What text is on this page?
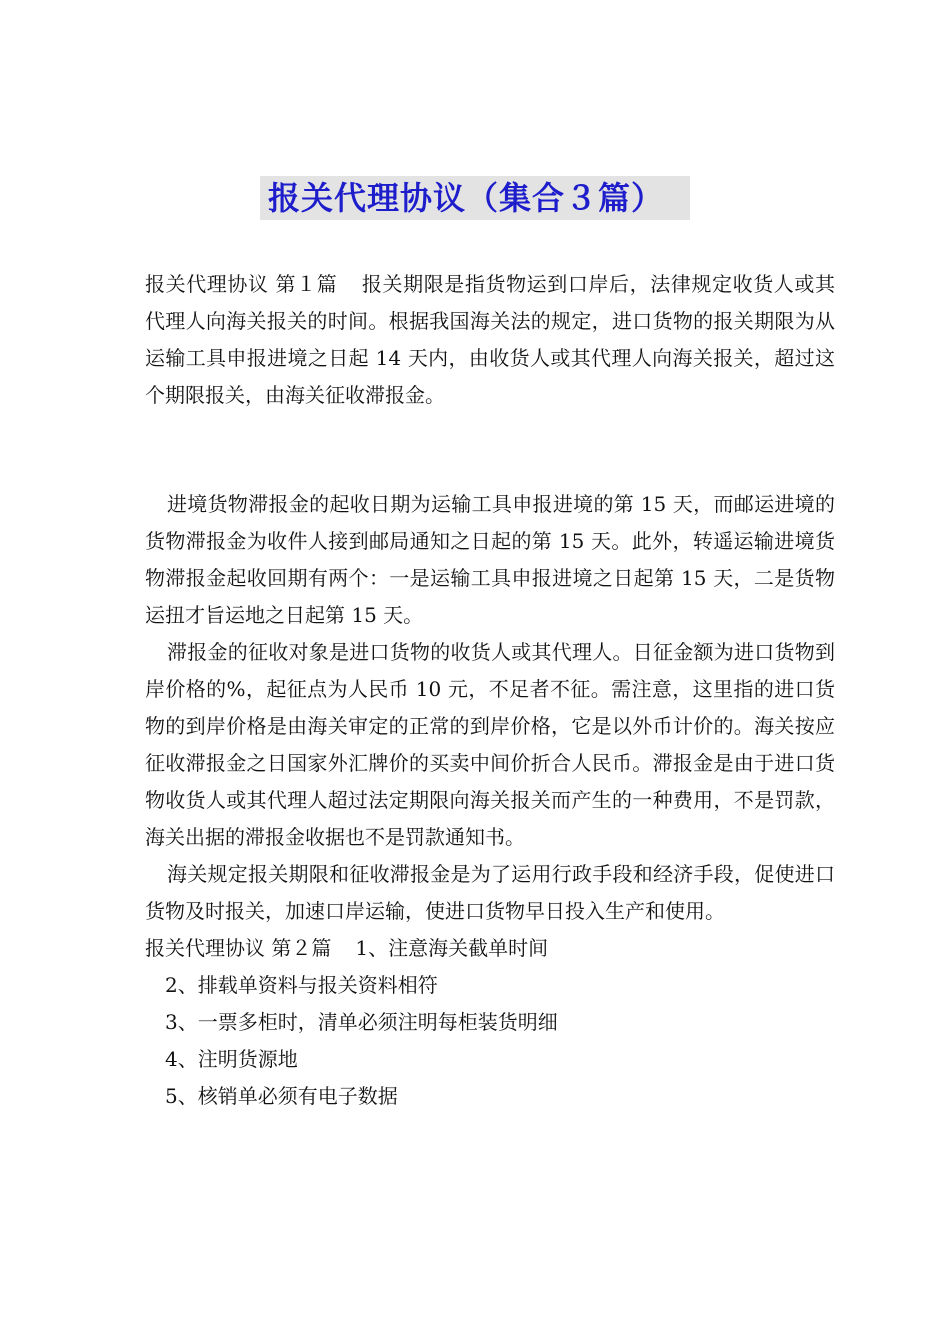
报关代理协议（集合３篇）

报关代理协议 第１篇 报关期限是指货物运到口岸后，法律规定收货人或其代理人向海关报关的时间。根据我国海关法的规定，进口货物的报关期限为从运输工具申报进境之日起 14 天内，由收货人或其代理人向海关报关，超过这个期限报关，由海关征收滞报金。

进境货物滞报金的起收日期为运输工具申报进境的第 15 天，而邮运进境的货物滞报金为收件人接到邮局通知之日起的第 15 天。此外，转遥运输进境货物滞报金起收回期有两个：一是运输工具申报进境之日起第 15 天，二是货物运扭才旨运地之日起第 15 天。

滞报金的征收对象是进口货物的收货人或其代理人。日征金额为进口货物到岸价格的%，起征点为人民币 10 元，不足者不征。需注意，这里指的进口货物的到岸价格是由海关审定的正常的到岸价格，它是以外币计价的。海关按应征收滞报金之日国家外汇牌价的买卖中间价折合人民币。滞报金是由于进口货物收货人或其代理人超过法定期限向海关报关而产生的一种费用，不是罚款，海关出据的滞报金收据也不是罚款通知书。

海关规定报关期限和征收滞报金是为了运用行政手段和经济手段，促使进口货物及时报关，加速口岸运输，使进口货物早日投入生产和使用。

报关代理协议 第２篇 1、注意海关截单时间

2、排载单资料与报关资料相符

3、一票多柜时，清单必须注明每柜装货明细

4、注明货源地

5、核销单必须有电子数据
